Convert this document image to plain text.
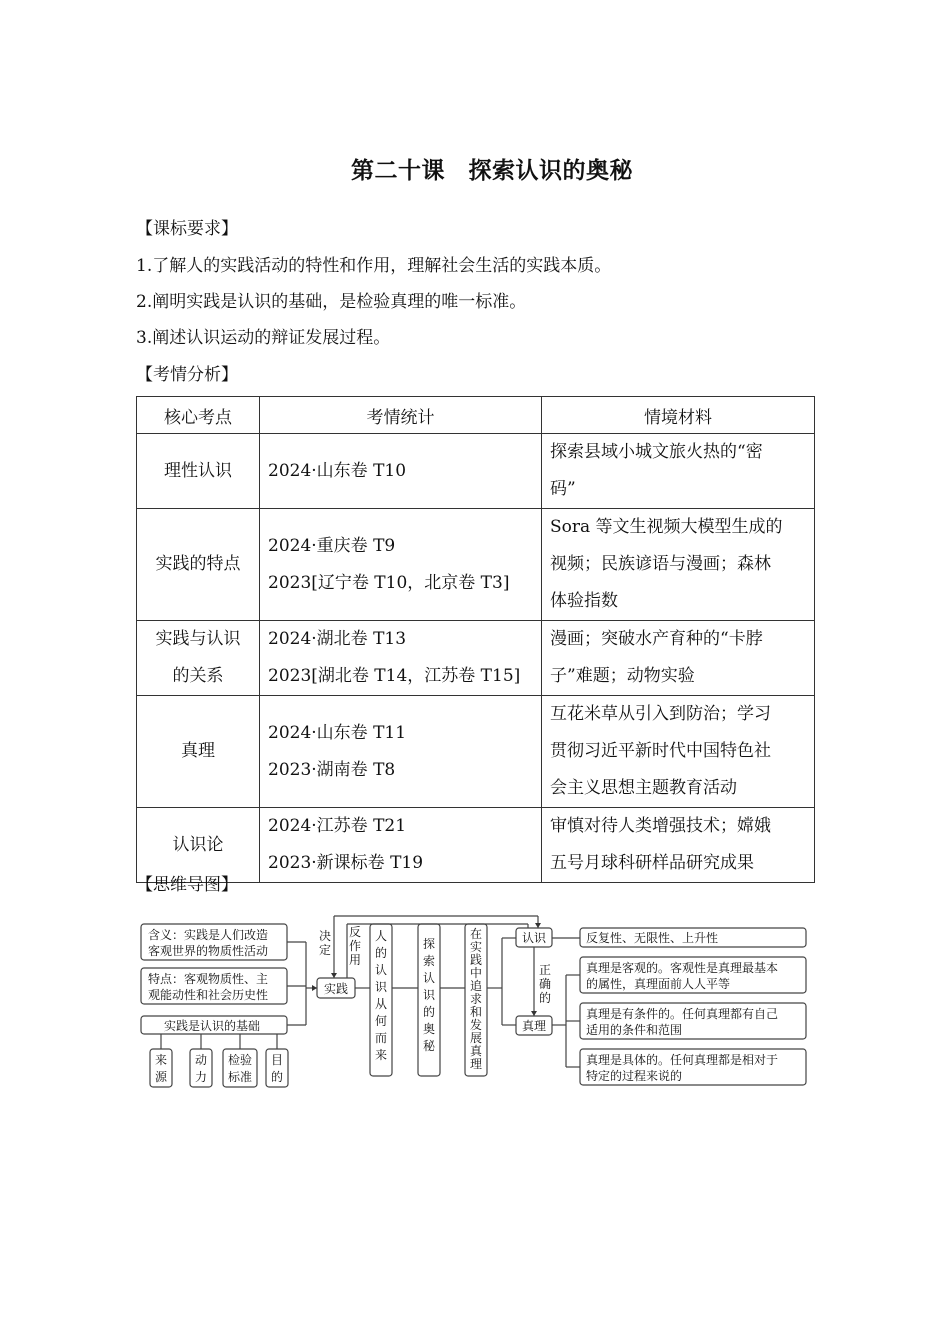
第二十课　探索认识的奥秘
【课标要求】
1.了解人的实践活动的特性和作用，理解社会生活的实践本质。
2.阐明实践是认识的基础，是检验真理的唯一标准。
3.阐述认识运动的辩证发展过程。
【考情分析】
核心考点	考情统计	情境材料

理性认识	2024·山东卷 T10	探索县域小城文旅火热的“密
码”

实践的特点	2024·重庆卷 T9
2023[辽宁卷 T10，北京卷 T3]	Sora 等文生视频大模型生成的
视频；民族谚语与漫画；森林
体验指数

实践与认识
的关系	2024·湖北卷 T13
2023[湖北卷 T14，江苏卷 T15]	漫画；突破水产育种的“卡脖
子”难题；动物实验

真理	2024·山东卷 T11
2023·湖南卷 T8	互花米草从引入到防治；学习
贯彻习近平新时代中国特色社
会主义思想主题教育活动

认识论	2024·江苏卷 T21
2023·新课标卷 T19	审慎对待人类增强技术；嫦娥
五号月球科研样品研究成果
【思维导图】
含义：实践是人们改造
客观世界的物质性活动
特点：客观物质性、主
观能动性和社会历史性
实践是认识的基础
来
源
动
力
检验
标准
目
的
实践
决
定
反
作
用
人
的
认
识
从
何
而
来
探
索
认
识
的
奥
秘
在
实
践
中
追
求
和
发
展
真
理
认识
真理
正
确
的
反复性、无限性、上升性
真理是客观的。客观性是真理最基本
的属性，真理面前人人平等
真理是有条件的。任何真理都有自己
适用的条件和范围
真理是具体的。任何真理都是相对于
特定的过程来说的
